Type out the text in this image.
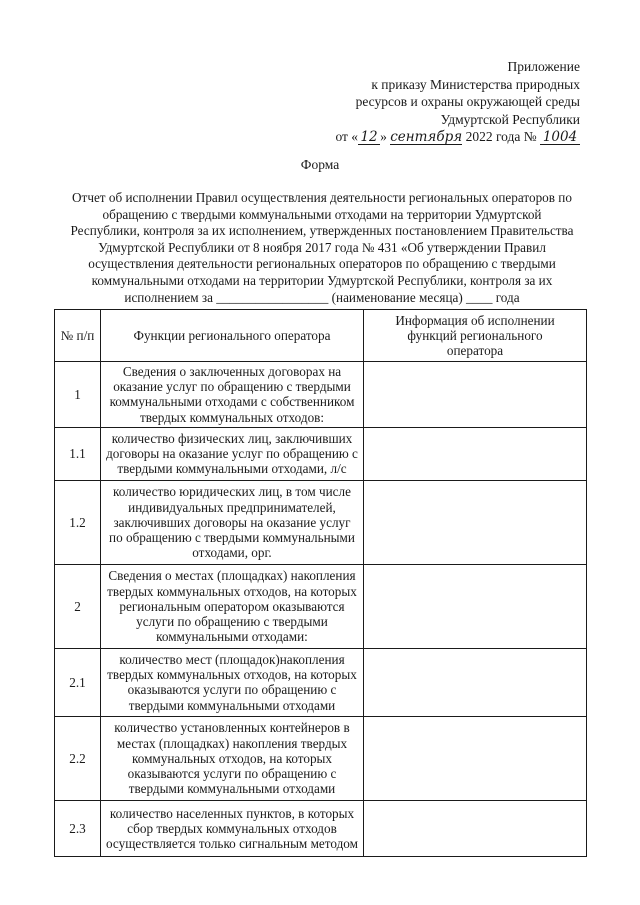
Приложение
к приказу Министерства природных
ресурсов и охраны окружающей среды
Удмуртской Республики
от « 12 » сентября 2022 года № 1004
Форма
Отчет об исполнении Правил осуществления деятельности региональных операторов по
обращению с твердыми коммунальными отходами на территории Удмуртской
Республики, контроля за их исполнением, утвержденных постановлением Правительства
Удмуртской Республики от 8 ноября 2017 года № 431 «Об утверждении Правил
осуществления деятельности региональных операторов по обращению с твердыми
коммунальными отходами на территории Удмуртской Республики, контроля за их
исполнением за _________________ (наименование месяца) ____ года
№ п/п	Функции регионального оператора	Информация об исполнении
функций регионального
оператора

1	Сведения о заключенных договорах на
оказание услуг по обращению с твердыми
коммунальными отходами с собственником
твердых коммунальных отходов:	

1.1	количество физических лиц, заключивших
договоры на оказание услуг по обращению с
твердыми коммунальными отходами, л/с	

1.2	количество юридических лиц, в том числе
индивидуальных предпринимателей,
заключивших договоры на оказание услуг
по обращению с твердыми коммунальными
отходами, орг.	

2	Сведения о местах (площадках) накопления
твердых коммунальных отходов, на которых
региональным оператором оказываются
услуги по обращению с твердыми
коммунальными отходами:	

2.1	количество мест (площадок)накопления
твердых коммунальных отходов, на которых
оказываются услуги по обращению с
твердыми коммунальными отходами	

2.2	количество установленных контейнеров в
местах (площадках) накопления твердых
коммунальных отходов, на которых
оказываются услуги по обращению с
твердыми коммунальными отходами	

2.3	количество населенных пунктов, в которых
сбор твердых коммунальных отходов
осуществляется только сигнальным методом	
